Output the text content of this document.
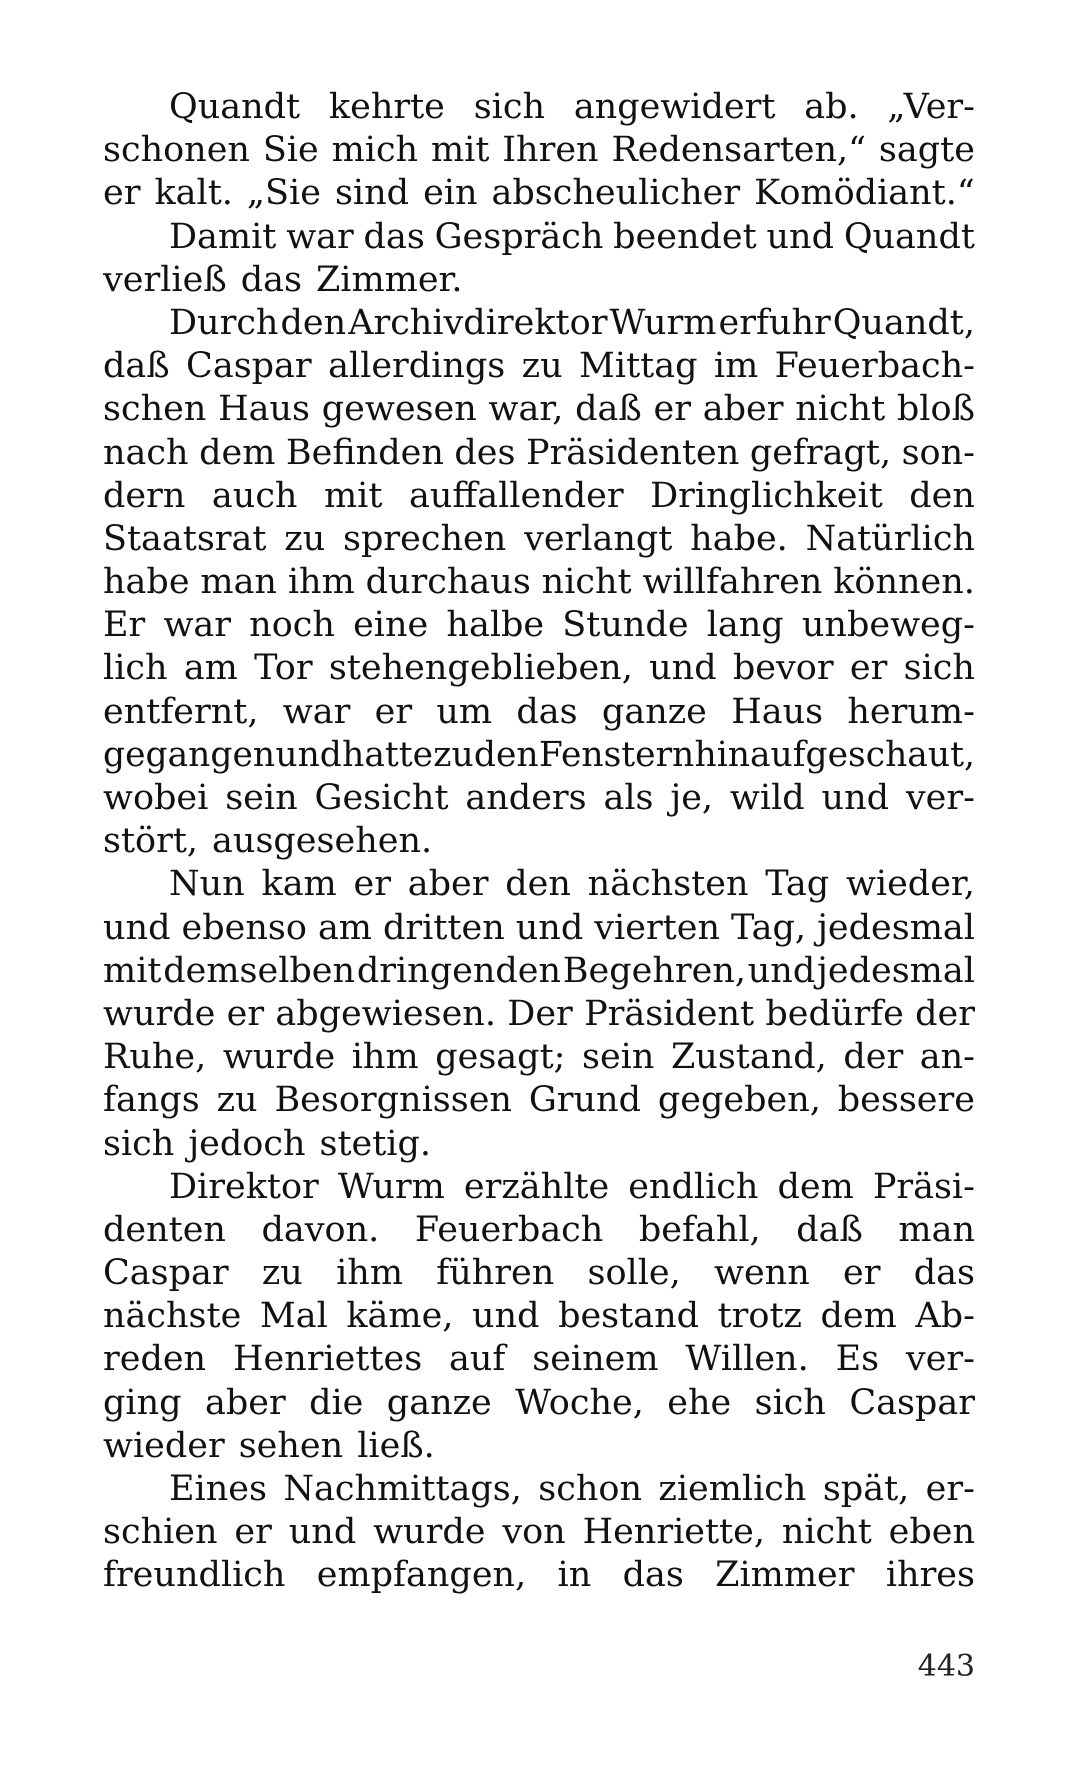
Quandt kehrte sich angewidert ab. „Ver-
schonen Sie mich mit Ihren Redensarten,“ sagte
er kalt. „Sie sind ein abscheulicher Komödiant.“
Damit war das Gespräch beendet und Quandt
verließ das Zimmer.
Durch den Archivdirektor Wurm erfuhr Quandt,
daß Caspar allerdings zu Mittag im Feuerbach-
schen Haus gewesen war, daß er aber nicht bloß
nach dem Befinden des Präsidenten gefragt, son-
dern auch mit auffallender Dringlichkeit den
Staatsrat zu sprechen verlangt habe. Natürlich
habe man ihm durchaus nicht willfahren können.
Er war noch eine halbe Stunde lang unbeweg-
lich am Tor stehengeblieben, und bevor er sich
entfernt, war er um das ganze Haus herum-
gegangen und hatte zu den Fenstern hinaufgeschaut,
wobei sein Gesicht anders als je, wild und ver-
stört, ausgesehen.
Nun kam er aber den nächsten Tag wieder,
und ebenso am dritten und vierten Tag, jedesmal
mit demselben dringenden Begehren, und jedesmal
wurde er abgewiesen. Der Präsident bedürfe der
Ruhe, wurde ihm gesagt; sein Zustand, der an-
fangs zu Besorgnissen Grund gegeben, bessere
sich jedoch stetig.
Direktor Wurm erzählte endlich dem Präsi-
denten davon. Feuerbach befahl, daß man
Caspar zu ihm führen solle, wenn er das
nächste Mal käme, und bestand trotz dem Ab-
reden Henriettes auf seinem Willen. Es ver-
ging aber die ganze Woche, ehe sich Caspar
wieder sehen ließ.
Eines Nachmittags, schon ziemlich spät, er-
schien er und wurde von Henriette, nicht eben
freundlich empfangen, in das Zimmer ihres
443
